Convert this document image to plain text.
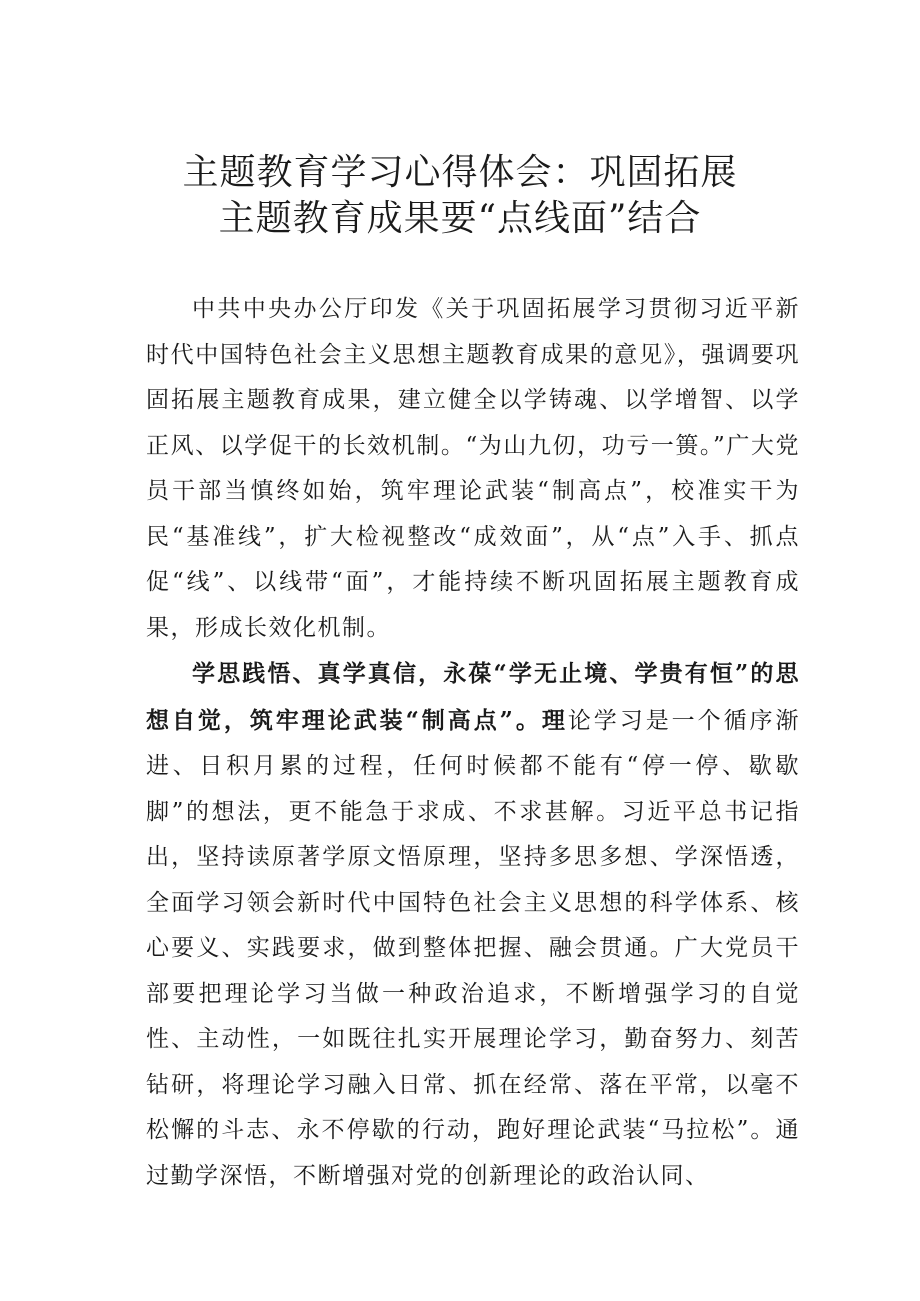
主题教育学习心得体会：巩固拓展
主题教育成果要“点线面”结合

中共中央办公厅印发《关于巩固拓展学习贯彻习近平新时代中国特色社会主义思想主题教育成果的意见》，强调要巩固拓展主题教育成果，建立健全以学铸魂、以学增智、以学正风、以学促干的长效机制。“为山九仞，功亏一篑。”广大党员干部当慎终如始，筑牢理论武装“制高点”，校准实干为民“基准线”，扩大检视整改“成效面”，从“点”入手、抓点促“线”、以线带“面”，才能持续不断巩固拓展主题教育成果，形成长效化机制。

学思践悟、真学真信，永葆“学无止境、学贵有恒”的思想自觉，筑牢理论武装“制高点”。理论学习是一个循序渐进、日积月累的过程，任何时候都不能有“停一停、歇歇脚”的想法，更不能急于求成、不求甚解。习近平总书记指出，坚持读原著学原文悟原理，坚持多思多想、学深悟透，全面学习领会新时代中国特色社会主义思想的科学体系、核心要义、实践要求，做到整体把握、融会贯通。广大党员干部要把理论学习当做一种政治追求，不断增强学习的自觉性、主动性，一如既往扎实开展理论学习，勤奋努力、刻苦钻研，将理论学习融入日常、抓在经常、落在平常，以毫不松懈的斗志、永不停歇的行动，跑好理论武装“马拉松”。通过勤学深悟，不断增强对党的创新理论的政治认同、
